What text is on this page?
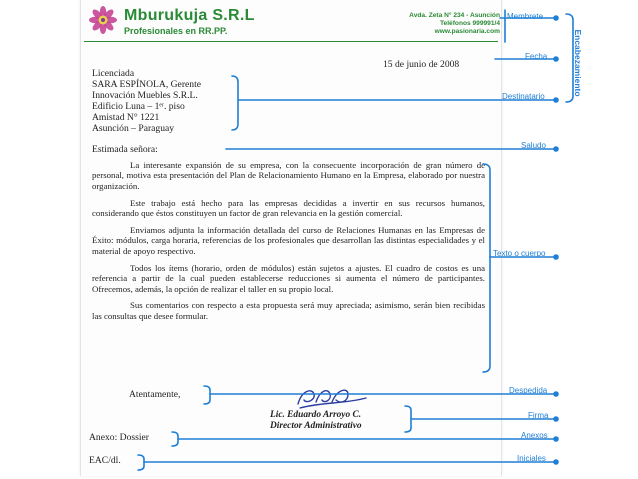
Mburukuja S.R.L
Profesionales en RR.PP.
Avda. Zeta N° 234 - Asunción
Teléfonos 999991/4
www.pasionaria.com
15 de junio de 2008
Licenciada
SARA ESPÍNOLA, Gerente
Innovación Muebles S.R.L.
Edificio Luna – 1ᵉʳ. piso
Amistad N° 1221
Asunción – Paraguay
Estimada señora:

La interesante expansión de su empresa, con la consecuente incorporación de gran número de personal, motiva esta presentación del Plan de Relacionamiento Humano en la Empresa, elaborado por nuestra organización.

Este trabajo está hecho para las empresas decididas a invertir en sus recursos humanos, considerando que éstos constituyen un factor de gran relevancia en la gestión comercial.

Enviamos adjunta la información detallada del curso de Relaciones Humanas en las Empresas de Éxito: módulos, carga horaria, referencias de los profesionales que desarrollan las distintas especialidades y el material de apoyo respectivo.

Todos los ítems (horario, orden de módulos) están sujetos a ajustes. El cuadro de costos es una referencia a partir de la cual pueden establecerse reducciones si aumenta el número de participantes. Ofrecemos, además, la opción de realizar el taller en su propio local.

Sus comentarios con respecto a esta propuesta será muy apreciada; asimismo, serán bien recibidas las consultas que desee formular.

Atentamente,
Lic. Eduardo Arroyo C.
Director Administrativo
Anexo: Dossier
EAC/dl.
Membrete
Fecha
Destinatario
Saludo
Texto o cuerpo
Despedida
Firma
Anexos
Iniciales
Encabezamiento
